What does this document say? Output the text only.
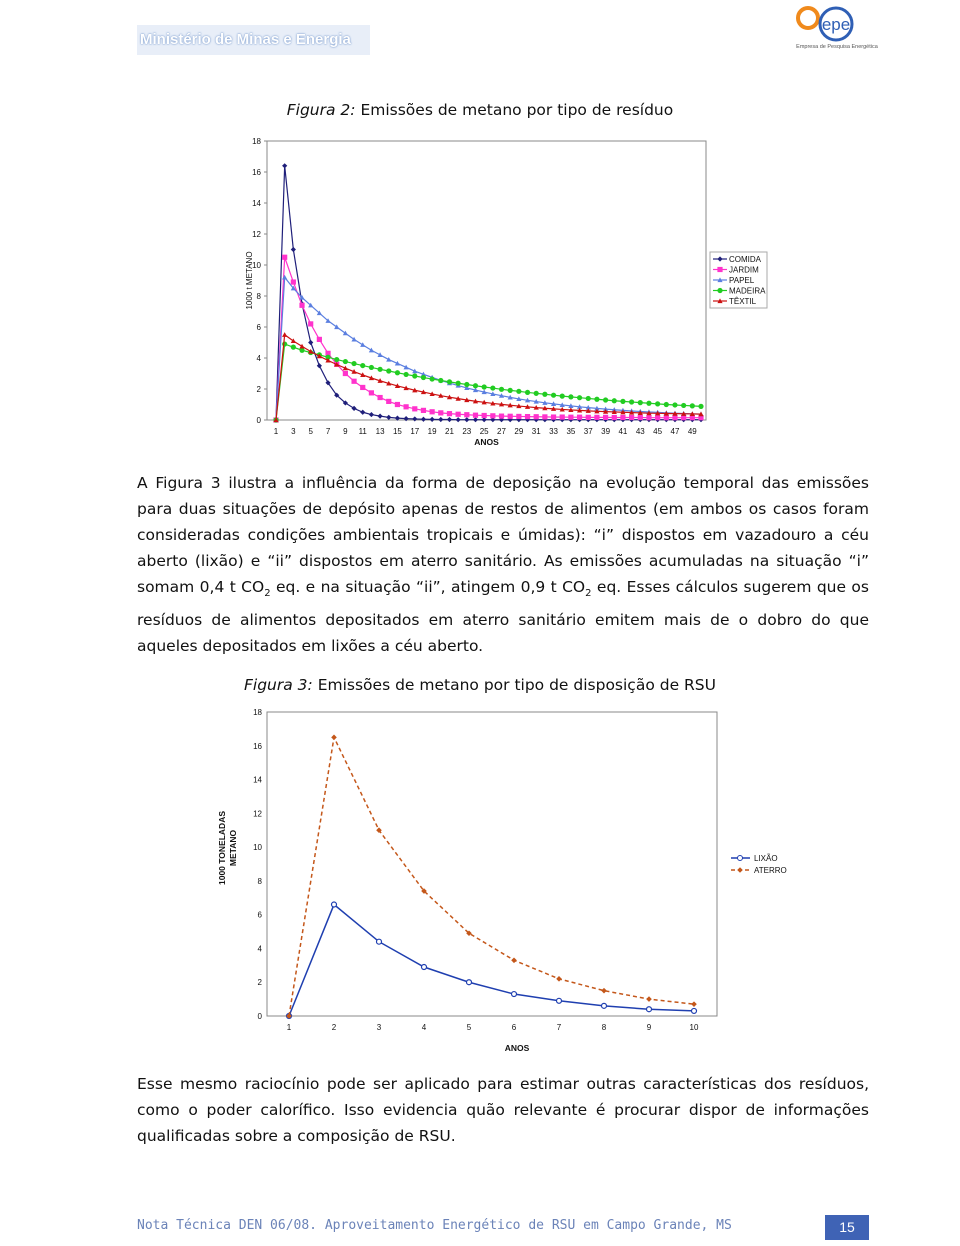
Ministério de Minas e Energia
epe
Empresa de Pesquisa Energética
Figura 2: Emissões de metano por tipo de resíduo
0
2
4
6
8
10
12
14
16
18
1 3 5 7 9 11 13 15 17 19 21 23 25 27 29 31 33 35 37 39 41 43 45 47 49
ANOS
1000 t METANO	COMIDA
JARDIM
PAPEL
MADEIRA
TÊXTIL

A Figura 3 ilustra a influência da forma de deposição na evolução temporal das emissões para duas situações de depósito apenas de restos de alimentos (em ambos os casos foram consideradas condições ambientais tropicais e úmidas): “i” dispostos em vazadouro a céu aberto (lixão) e “ii” dispostos em aterro sanitário. As emissões acumuladas na situação “i” somam 0,4 t $CO_2$ eq. e na situação “ii”, atingem 0,9 t $CO_2$ eq. Esses cálculos sugerem que os resíduos de alimentos depositados em aterro sanitário emitem mais de o dobro do que aqueles depositados em lixões a céu aberto.

Figura 3: Emissões de metano por tipo de disposição de RSU
0
2
4
6
8
10
12
14
16
18
1	2	3	4	5	6	7	8	9	10
ANOS
1000 TONELADAS METANO	LIXÃO
ATERRO

Esse mesmo raciocínio pode ser aplicado para estimar outras características dos resíduos, como o poder calorífico. Isso evidencia quão relevante é procurar dispor de informações qualificadas sobre a composição de RSU.

Nota Técnica DEN 06/08. Aproveitamento Energético de RSU em Campo Grande, MS	15
